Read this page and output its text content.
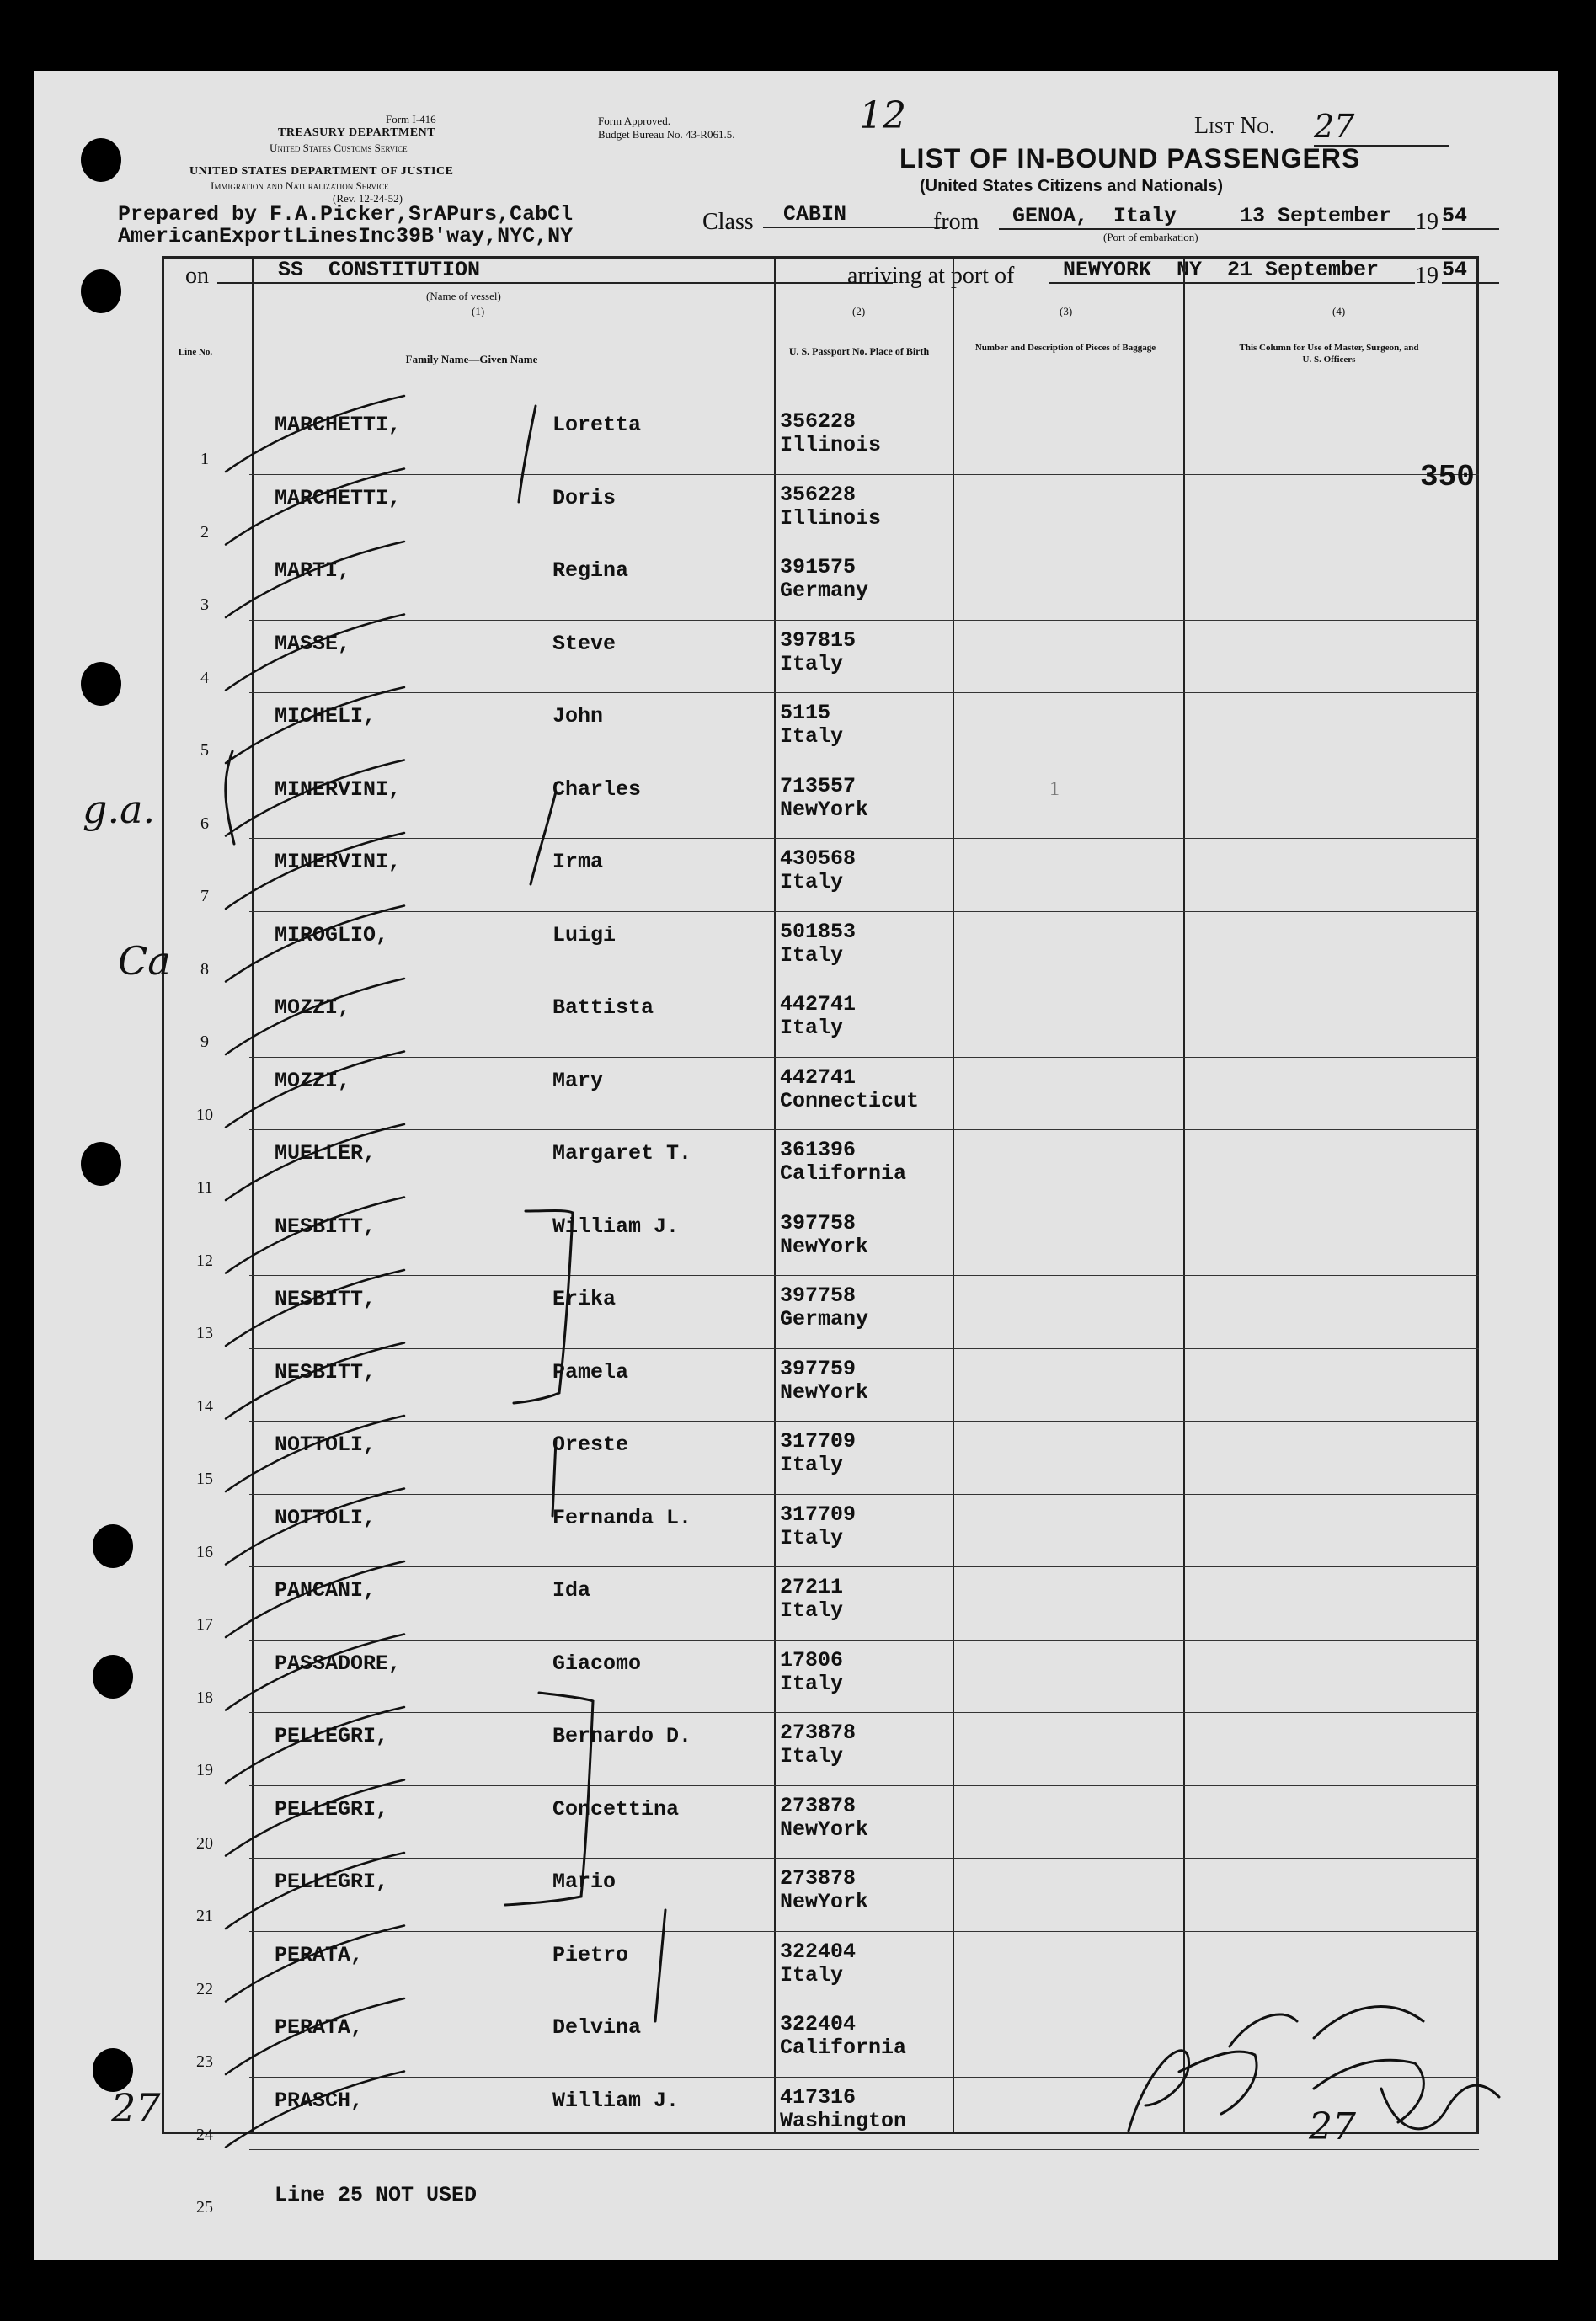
Form I-416
TREASURY DEPARTMENT
United States Customs Service
UNITED STATES DEPARTMENT OF JUSTICE
Immigration and Naturalization Service
(Rev. 12-24-52)
Form Approved.
Budget Bureau No. 43-R061.5.	12	List No. 27
LIST OF IN-BOUND PASSENGERS
(United States Citizens and Nationals)
Prepared by F.A.Picker,SrAPurs,CabCl
AmericanExportLinesInc39B'way,NYC,NY
Class	CABIN	from	GENOA,  Italy     13 September 19 54
(Port of embarkation)
on	SS  CONSTITUTION
(Name of vessel)
arriving at port of	NEWYORK  NY  21 September	19 54
(1)	(2)	(3)	(4)
Line No.
Family Name—Given Name
U. S. Passport No. Place of Birth	Number and Description of Pieces of Baggage	This Column for Use of Master, Surgeon, and U. S. Officers
1
MARCHETTI,	Loretta	356228
Illinois
2
MARCHETTI,	Doris	356228
Illinois
3
MARTI,	Regina	391575
Germany
4
MASSE,	Steve	397815
Italy
5
MICHELI,	John	5115
Italy
6
MINERVINI,	Charles	713557
NewYork
7
MINERVINI,	Irma	430568
Italy
8
MIROGLIO,	Luigi	501853
Italy
9
MOZZI,	Battista	442741
Italy
10
MOZZI,	Mary	442741
Connecticut
11
MUELLER,	Margaret T.	361396
California
12
NESBITT,	William J.	397758
NewYork
13
NESBITT,	Erika	397758
Germany
14
NESBITT,	Pamela	397759
NewYork
15
NOTTOLI,	Oreste	317709
Italy
16
NOTTOLI,	Fernanda L.	317709
Italy
17
PANCANI,	Ida	27211
Italy
18
PASSADORE,	Giacomo	17806
Italy
19
PELLEGRI,	Bernardo D.	273878
Italy
20
PELLEGRI,	Concettina	273878
NewYork
21
PELLEGRI,	Mario	273878
NewYork
22
PERATA,	Pietro	322404
Italy
23
PERATA,	Delvina	322404
California
24
PRASCH,	William J.	417316
Washington
25	Line 25 NOT USED
350
1
g.a.
Ca
27	27
